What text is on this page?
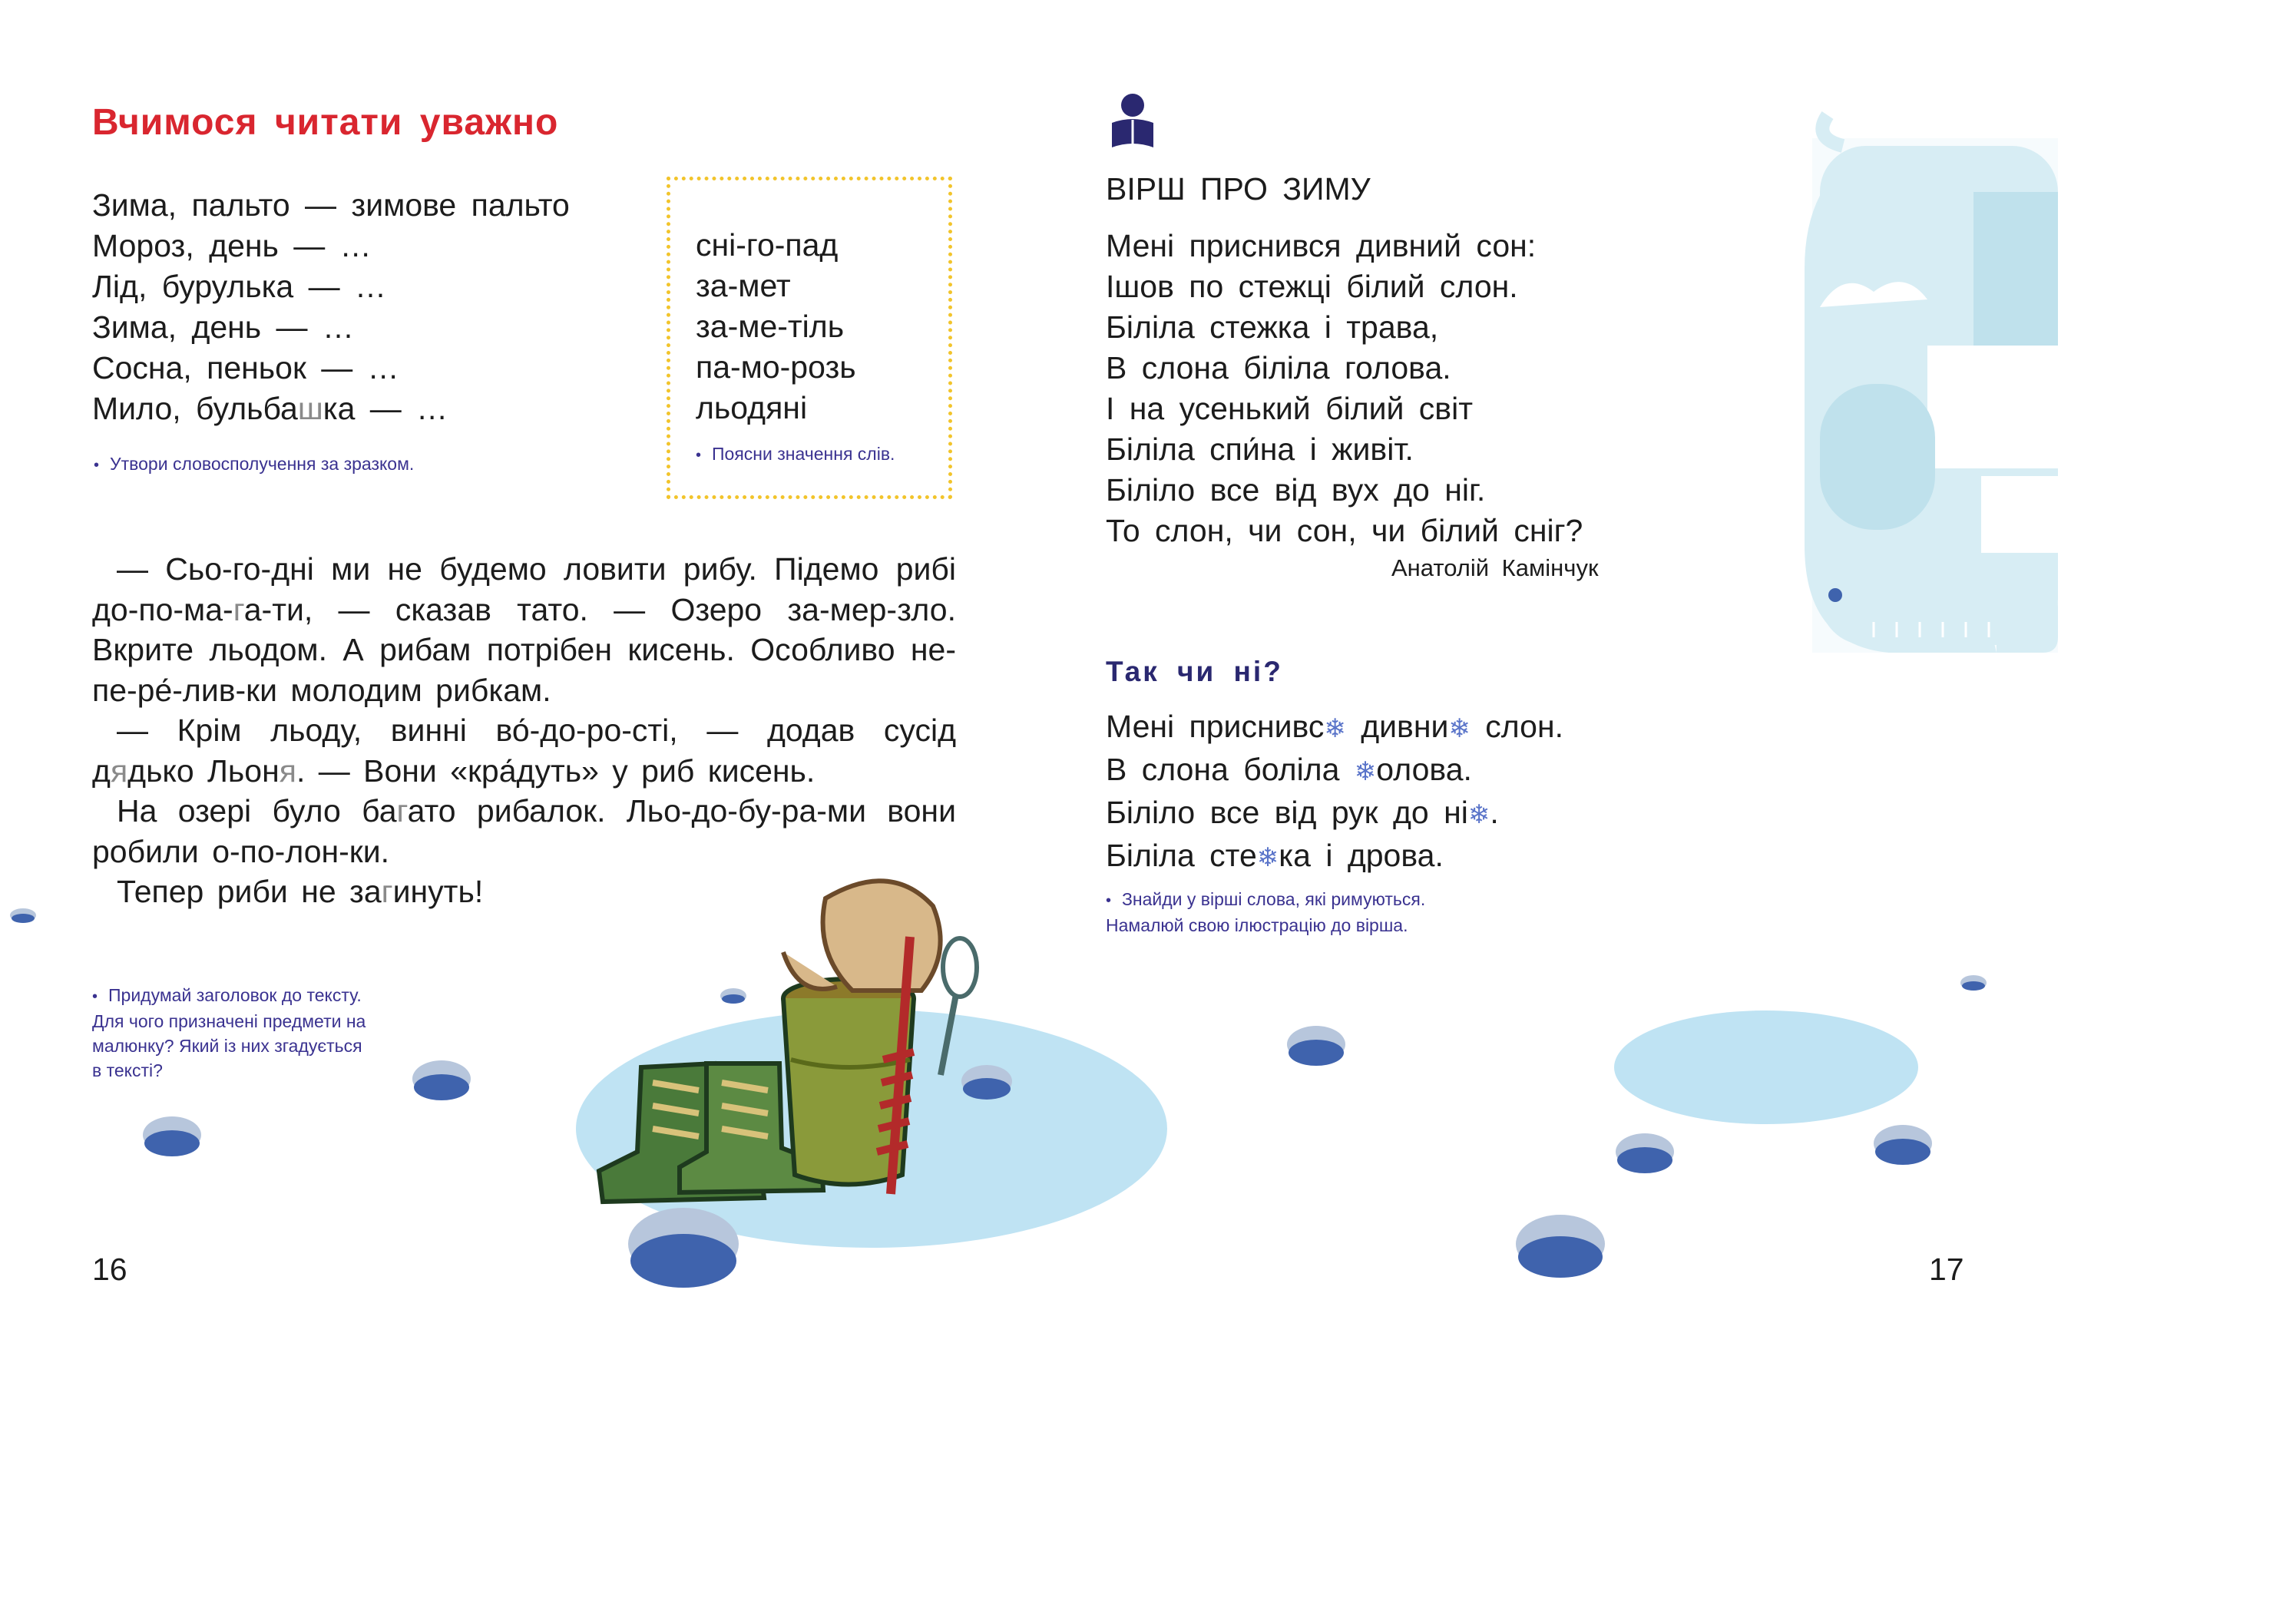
Вчимося читати уважно
Зима, пальто — зимове пальто
Мороз, день — …
Лід, бурулька — …
Зима, день — …
Сосна, пеньок — …
Мило, бульбашка — …
• Утвори словосполучення за зразком.
сні-го-пад
за-мет
за-ме-тіль
па-мо-розь
льодяні
• Поясни значення слів.

— Сьо-го-дні ми не будемо ловити рибу. Підемо рибі до-по-ма-га-ти, — сказав тато. — Озеро за-мер-зло. Вкрите льодом. А рибам потрібен кисень. Особливо не-пе-ре́-лив-ки молодим рибкам.

— Крім льоду, винні во́-до-ро-сті, — додав сусід дядько Льоня. — Вони «кра́дуть» у риб кисень.

На озері було багато рибалок. Льо-до-бу-ра-ми вони робили о-по-лон-ки.

Тепер риби не загинуть!

• Придумай заголовок до тексту.
Для чого призначені предмети на
малюнку? Який із них згадується
в тексті?
16
ВІРШ ПРО ЗИМУ
Мені приснився дивний сон:
Ішов по стежці білий слон.
Біліла стежка і трава,
В слона біліла голова.
І на усенький білий світ
Біліла спи́на і живіт.
Біліло все від вух до ніг.
То слон, чи сон, чи білий сніг?
Анатолій Камінчук
Так чи ні?
Мені приснивс❄ дивни❄ слон.
В слона боліла ❄олова.
Біліло все від рук до ні❄.
Біліла сте❄ка і дрова.
• Знайди у вірші слова, які римуються.
Намалюй свою ілюстрацію до вірша.
17
